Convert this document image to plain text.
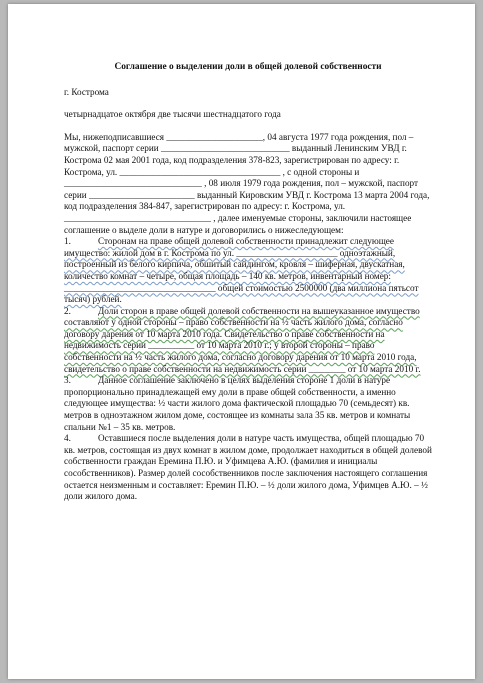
Соглашение о выделении доли в общей долевой собственности

г. Кострома

четырнадцатое октября две тысячи шестнадцатого года

Мы, нижеподписавшиеся _____________________, 04 августа 1977 года рождения, пол – мужской, паспорт серии ____________________________ выданный Ленинским УВД г. Кострома 02 мая 2001 года, код подразделения 378-823, зарегистрирован по адресу: г. Кострома, ул. ___________________________________ , с одной стороны и ______________________________ , 08 июля 1979 года рождения, пол – мужской, паспорт серии _______________________ выданный Кировским УВД г. Кострома 13 марта 2004 года, код подразделения 384-847, зарегистрирован по адресу: г. Кострома, ул. ________________________________ , далее именуемые стороны, заключили настоящее соглашение о выделе доли в натуре и договорились о нижеследующем:

1.	Сторонам на праве общей долевой собственности принадлежит следующее имущество: жилой дом в г. Кострома по ул. ______________________ одноэтажный, построенный из белого кирпича, обшитый сайдингом, кровля – шиферная, двускатная, количество комнат – четыре, общая площадь – 140 кв. метров, инвентарный номер: _________________________________ общей стоимостью 2500000 (два миллиона пятьсот тысяч) рублей.

2.	Доли сторон в праве общей долевой собственности на вышеуказанное имущество составляют у одной стороны – право собственности на ½ часть жилого дома, согласно договору дарения от 10 марта 2010 года. Свидетельство о праве собственности на недвижимость серии __________ от 10 марта 2010 г.; у второй стороны – право собственности на ½ часть жилого дома, согласно договору дарения от 10 марта 2010 года, свидетельство о праве собственности на недвижимость серии ________ от 10 марта 2010 г.

3.	Данное соглашение заключено в целях выделения стороне 1 доли в натуре пропорционально принадлежащей ему доли в праве общей собственности, а именно следующее имущества: ½ части жилого дома фактической площадью 70 (семьдесят) кв. метров в одноэтажном жилом доме, состоящее из комнаты зала 35 кв. метров и комнаты спальни №1 – 35 кв. метров.

4.	Оставшиеся после выделения доли в натуре часть имущества, общей площадью 70 кв. метров, состоящая из двух комнат в жилом доме, продолжает находиться в общей долевой собственности граждан Еремина П.Ю. и Уфимцева А.Ю. (фамилия и инициалы сособственников). Размер долей сособственников после заключения настоящего соглашения остается неизменным и составляет: Еремин П.Ю. – ½ доли жилого дома, Уфимцев А.Ю. – ½ доли жилого дома.
